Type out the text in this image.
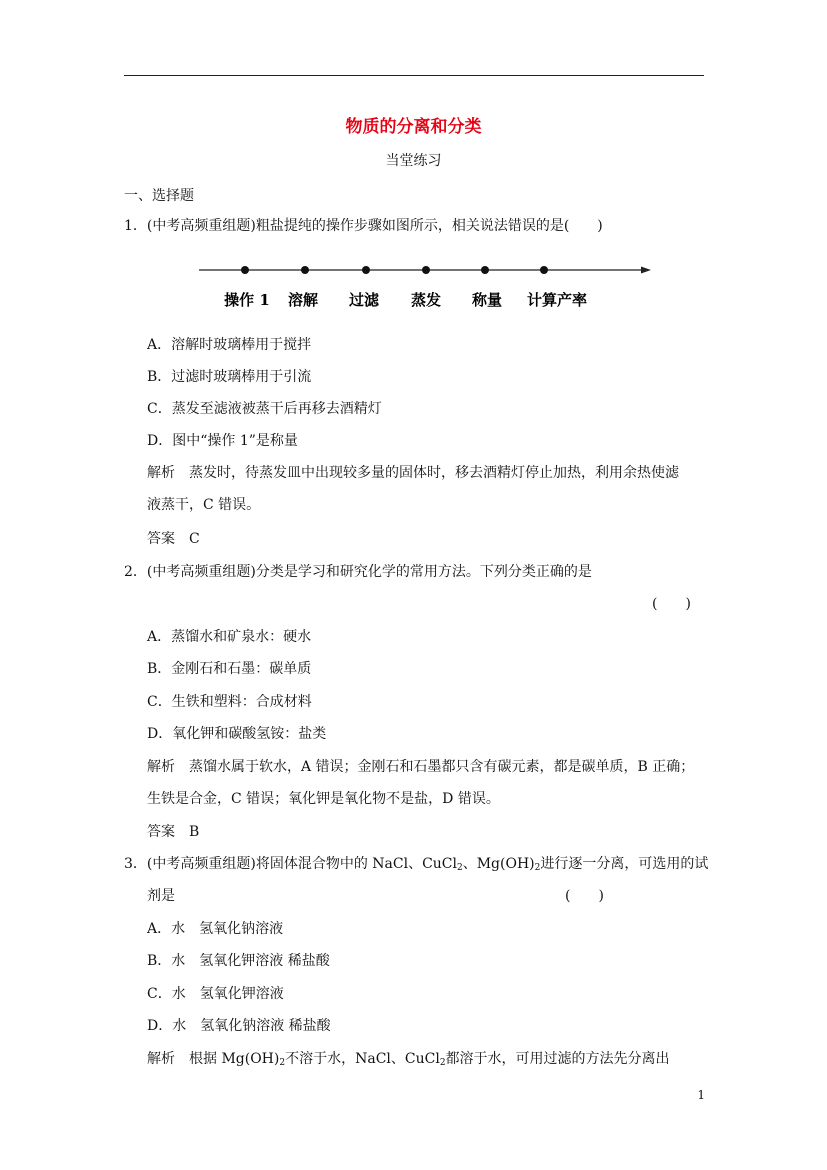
物质的分离和分类
当堂练习
一、选择题
1．(中考高频重组题)粗盐提纯的操作步骤如图所示，相关说法错误的是(　　)
操作 1 溶解 过滤 蒸发 称量 计算产率
A．溶解时玻璃棒用于搅拌
B．过滤时玻璃棒用于引流
C．蒸发至滤液被蒸干后再移去酒精灯
D．图中“操作 1”是称量
解析 蒸发时，待蒸发皿中出现较多量的固体时，移去酒精灯停止加热，利用余热使滤
液蒸干，C 错误。
答案 C
2．(中考高频重组题)分类是学习和研究化学的常用方法。下列分类正确的是
(　　)
A．蒸馏水和矿泉水：硬水
B．金刚石和石墨：碳单质
C．生铁和塑料：合成材料
D．氧化钾和碳酸氢铵：盐类
解析 蒸馏水属于软水，A 错误；金刚石和石墨都只含有碳元素，都是碳单质，B 正确；
生铁是合金，C 错误；氧化钾是氧化物不是盐，D 错误。
答案 B
3．(中考高频重组题)将固体混合物中的 NaCl、CuCl$_2$、$Mg(OH)_2$进行逐一分离，可选用的试
剂是	(　　)
A．水　氢氧化钠溶液
B．水　氢氧化钾溶液 稀盐酸
C．水　氢氧化钾溶液
D．水　氢氧化钠溶液 稀盐酸
解析 根据 $Mg(OH)_2$不溶于水，NaCl、CuCl$_2$都溶于水，可用过滤的方法先分离出
1
